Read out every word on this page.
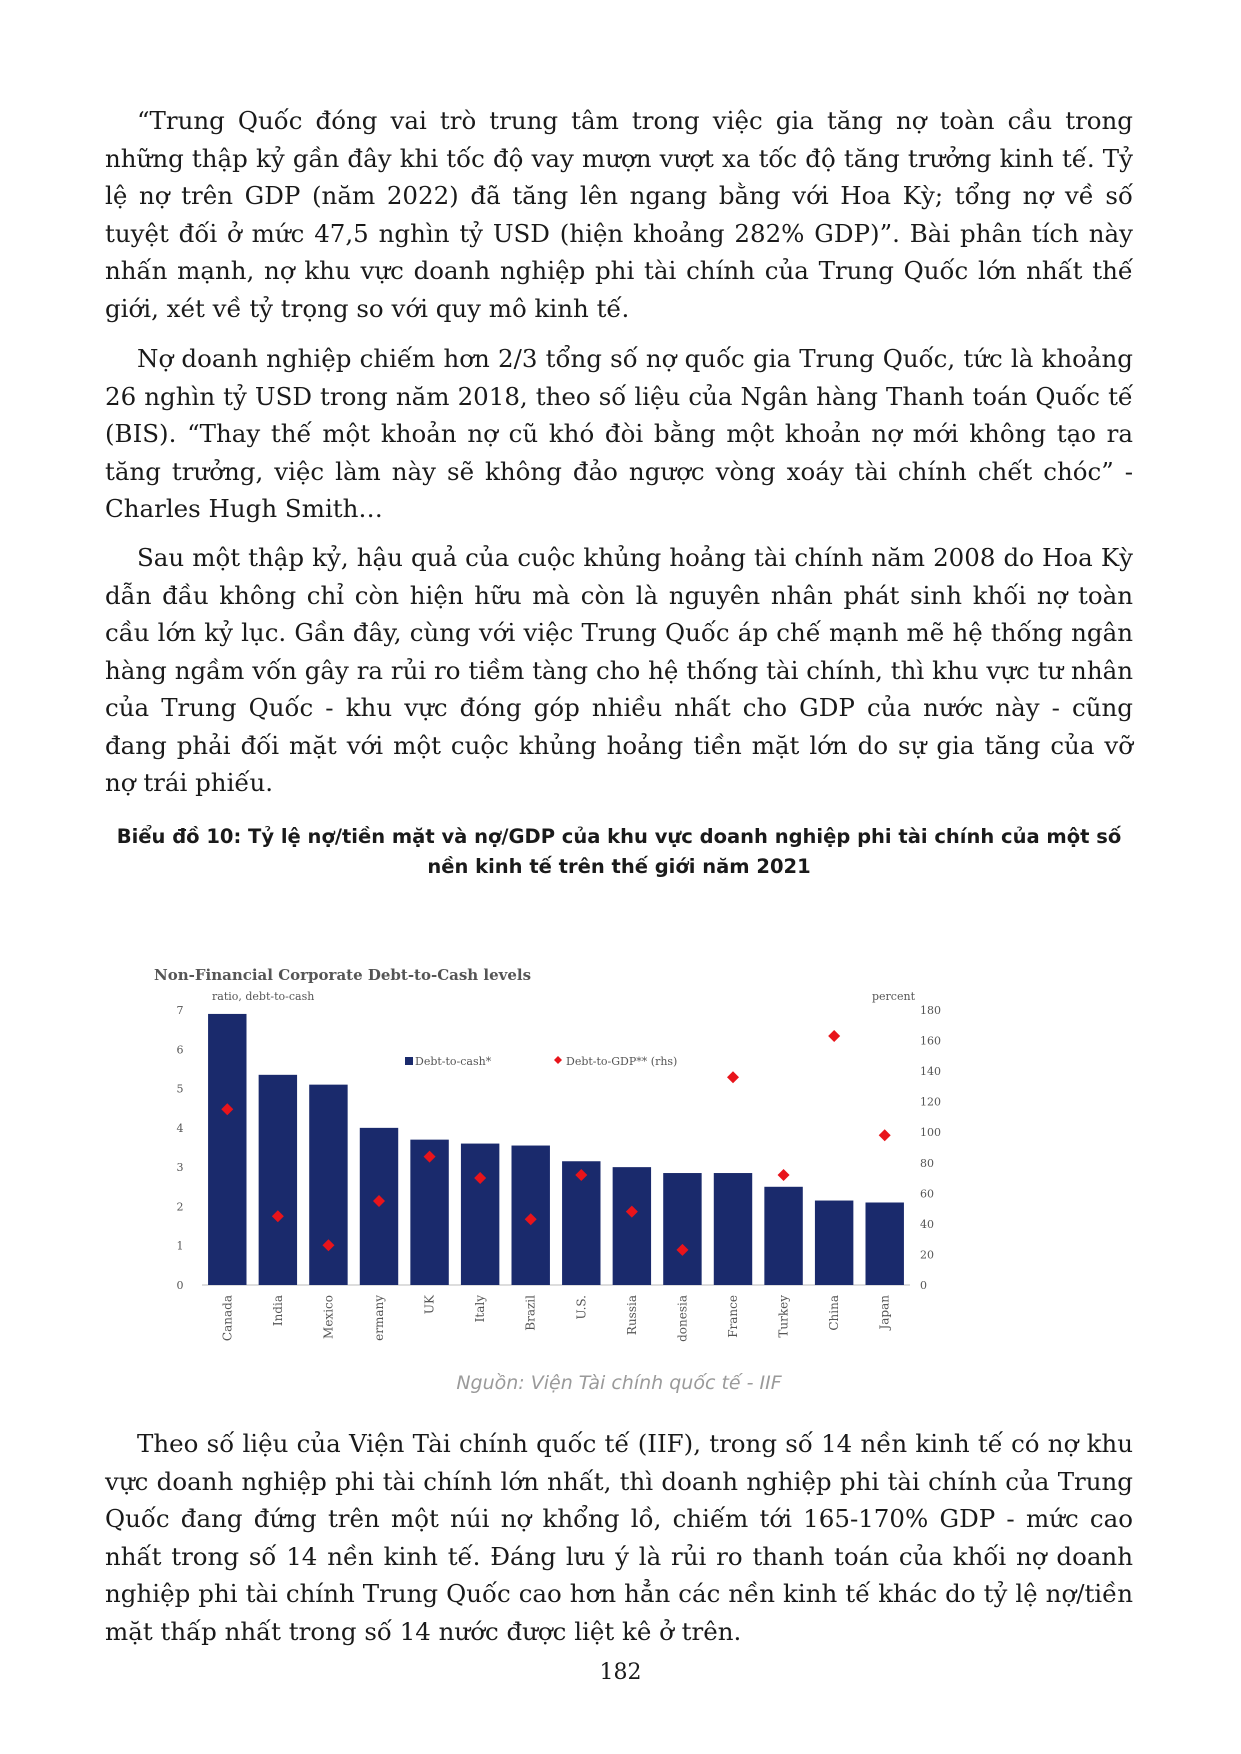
“Trung Quốc đóng vai trò trung tâm trong việc gia tăng nợ toàn cầu trong những thập kỷ gần đây khi tốc độ vay mượn vượt xa tốc độ tăng trưởng kinh tế. Tỷ lệ nợ trên GDP (năm 2022) đã tăng lên ngang bằng với Hoa Kỳ; tổng nợ về số tuyệt đối ở mức 47,5 nghìn tỷ USD (hiện khoảng 282% GDP)”. Bài phân tích này nhấn mạnh, nợ khu vực doanh nghiệp phi tài chính của Trung Quốc lớn nhất thế giới, xét về tỷ trọng so với quy mô kinh tế.

Nợ doanh nghiệp chiếm hơn 2/3 tổng số nợ quốc gia Trung Quốc, tức là khoảng 26 nghìn tỷ USD trong năm 2018, theo số liệu của Ngân hàng Thanh toán Quốc tế (BIS). “Thay thế một khoản nợ cũ khó đòi bằng một khoản nợ mới không tạo ra tăng trưởng, việc làm này sẽ không đảo ngược vòng xoáy tài chính chết chóc” - Charles Hugh Smith…

Sau một thập kỷ, hậu quả của cuộc khủng hoảng tài chính năm 2008 do Hoa Kỳ dẫn đầu không chỉ còn hiện hữu mà còn là nguyên nhân phát sinh khối nợ toàn cầu lớn kỷ lục. Gần đây, cùng với việc Trung Quốc áp chế mạnh mẽ hệ thống ngân hàng ngầm vốn gây ra rủi ro tiềm tàng cho hệ thống tài chính, thì khu vực tư nhân của Trung Quốc - khu vực đóng góp nhiều nhất cho GDP của nước này - cũng đang phải đối mặt với một cuộc khủng hoảng tiền mặt lớn do sự gia tăng của vỡ nợ trái phiếu.

Biểu đồ 10: Tỷ lệ nợ/tiền mặt và nợ/GDP của khu vực doanh nghiệp phi tài chính của một số nền kinh tế trên thế giới năm 2021

Non-Financial Corporate Debt-to-Cash levels
ratio, debt-to-cash	percent
0
1
2
3
4
5
6
7
0
20
40
60
80
100
120
140
160
180
Canada	India	Mexico	ermany	UK	Italy	Brazil	U.S.	Russia	donesia	France	Turkey	China	Japan
Debt-to-cash*	Debt-to-GDP** (rhs)

Nguồn: Viện Tài chính quốc tế - IIF

Theo số liệu của Viện Tài chính quốc tế (IIF), trong số 14 nền kinh tế có nợ khu vực doanh nghiệp phi tài chính lớn nhất, thì doanh nghiệp phi tài chính của Trung Quốc đang đứng trên một núi nợ khổng lồ, chiếm tới 165-170% GDP - mức cao nhất trong số 14 nền kinh tế. Đáng lưu ý là rủi ro thanh toán của khối nợ doanh nghiệp phi tài chính Trung Quốc cao hơn hẳn các nền kinh tế khác do tỷ lệ nợ/tiền mặt thấp nhất trong số 14 nước được liệt kê ở trên.

182
